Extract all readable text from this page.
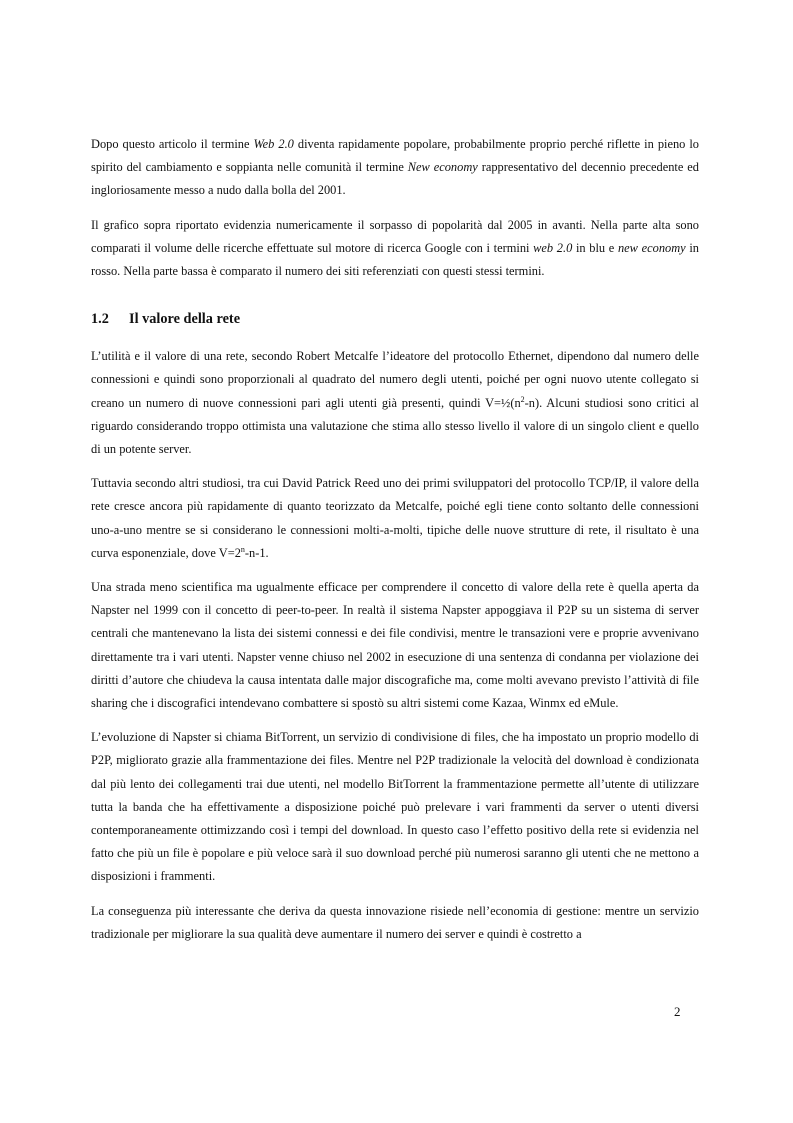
Dopo questo articolo il termine Web 2.0 diventa rapidamente popolare, probabilmente proprio perché riflette in pieno lo spirito del cambiamento e soppianta nelle comunità il termine New economy rappresentativo del decennio precedente ed ingloriosamente messo a nudo dalla bolla del 2001.

Il grafico sopra riportato evidenzia numericamente il sorpasso di popolarità dal 2005 in avanti. Nella parte alta sono comparati il volume delle ricerche effettuate sul motore di ricerca Google con i termini web 2.0 in blu e new economy in rosso. Nella parte bassa è comparato il numero dei siti referenziati con questi stessi termini.

1.2 Il valore della rete

L’utilità e il valore di una rete, secondo Robert Metcalfe l’ideatore del protocollo Ethernet, dipendono dal numero delle connessioni e quindi sono proporzionali al quadrato del numero degli utenti, poiché per ogni nuovo utente collegato si creano un numero di nuove connessioni pari agli utenti già presenti, quindi $V=\frac{1}{2}(n^2-n)$. Alcuni studiosi sono critici al riguardo considerando troppo ottimista una valutazione che stima allo stesso livello il valore di un singolo client e quello di un potente server.

Tuttavia secondo altri studiosi, tra cui David Patrick Reed uno dei primi sviluppatori del protocollo TCP/IP, il valore della rete cresce ancora più rapidamente di quanto teorizzato da Metcalfe, poiché egli tiene conto soltanto delle connessioni uno-a-uno mentre se si considerano le connessioni molti-a-molti, tipiche delle nuove strutture di rete, il risultato è una curva esponenziale, dove $V=2^n-n-1$.

Una strada meno scientifica ma ugualmente efficace per comprendere il concetto di valore della rete è quella aperta da Napster nel 1999 con il concetto di peer-to-peer. In realtà il sistema Napster appoggiava il P2P su un sistema di server centrali che mantenevano la lista dei sistemi connessi e dei file condivisi, mentre le transazioni vere e proprie avvenivano direttamente tra i vari utenti. Napster venne chiuso nel 2002 in esecuzione di una sentenza di condanna per violazione dei diritti d’autore che chiudeva la causa intentata dalle major discografiche ma, come molti avevano previsto l’attività di file sharing che i discografici intendevano combattere si spostò su altri sistemi come Kazaa, Winmx ed eMule.

L’evoluzione di Napster si chiama BitTorrent, un servizio di condivisione di files, che ha impostato un proprio modello di P2P, migliorato grazie alla frammentazione dei files. Mentre nel P2P tradizionale la velocità del download è condizionata dal più lento dei collegamenti trai due utenti, nel modello BitTorrent la frammentazione permette all’utente di utilizzare tutta la banda che ha effettivamente a disposizione poiché può prelevare i vari frammenti da server o utenti diversi contemporaneamente ottimizzando così i tempi del download. In questo caso l’effetto positivo della rete si evidenzia nel fatto che più un file è popolare e più veloce sarà il suo download perché più numerosi saranno gli utenti che ne mettono a disposizioni i frammenti.

La conseguenza più interessante che deriva da questa innovazione risiede nell’economia di gestione: mentre un servizio tradizionale per migliorare la sua qualità deve aumentare il numero dei server e quindi è costretto a

2
